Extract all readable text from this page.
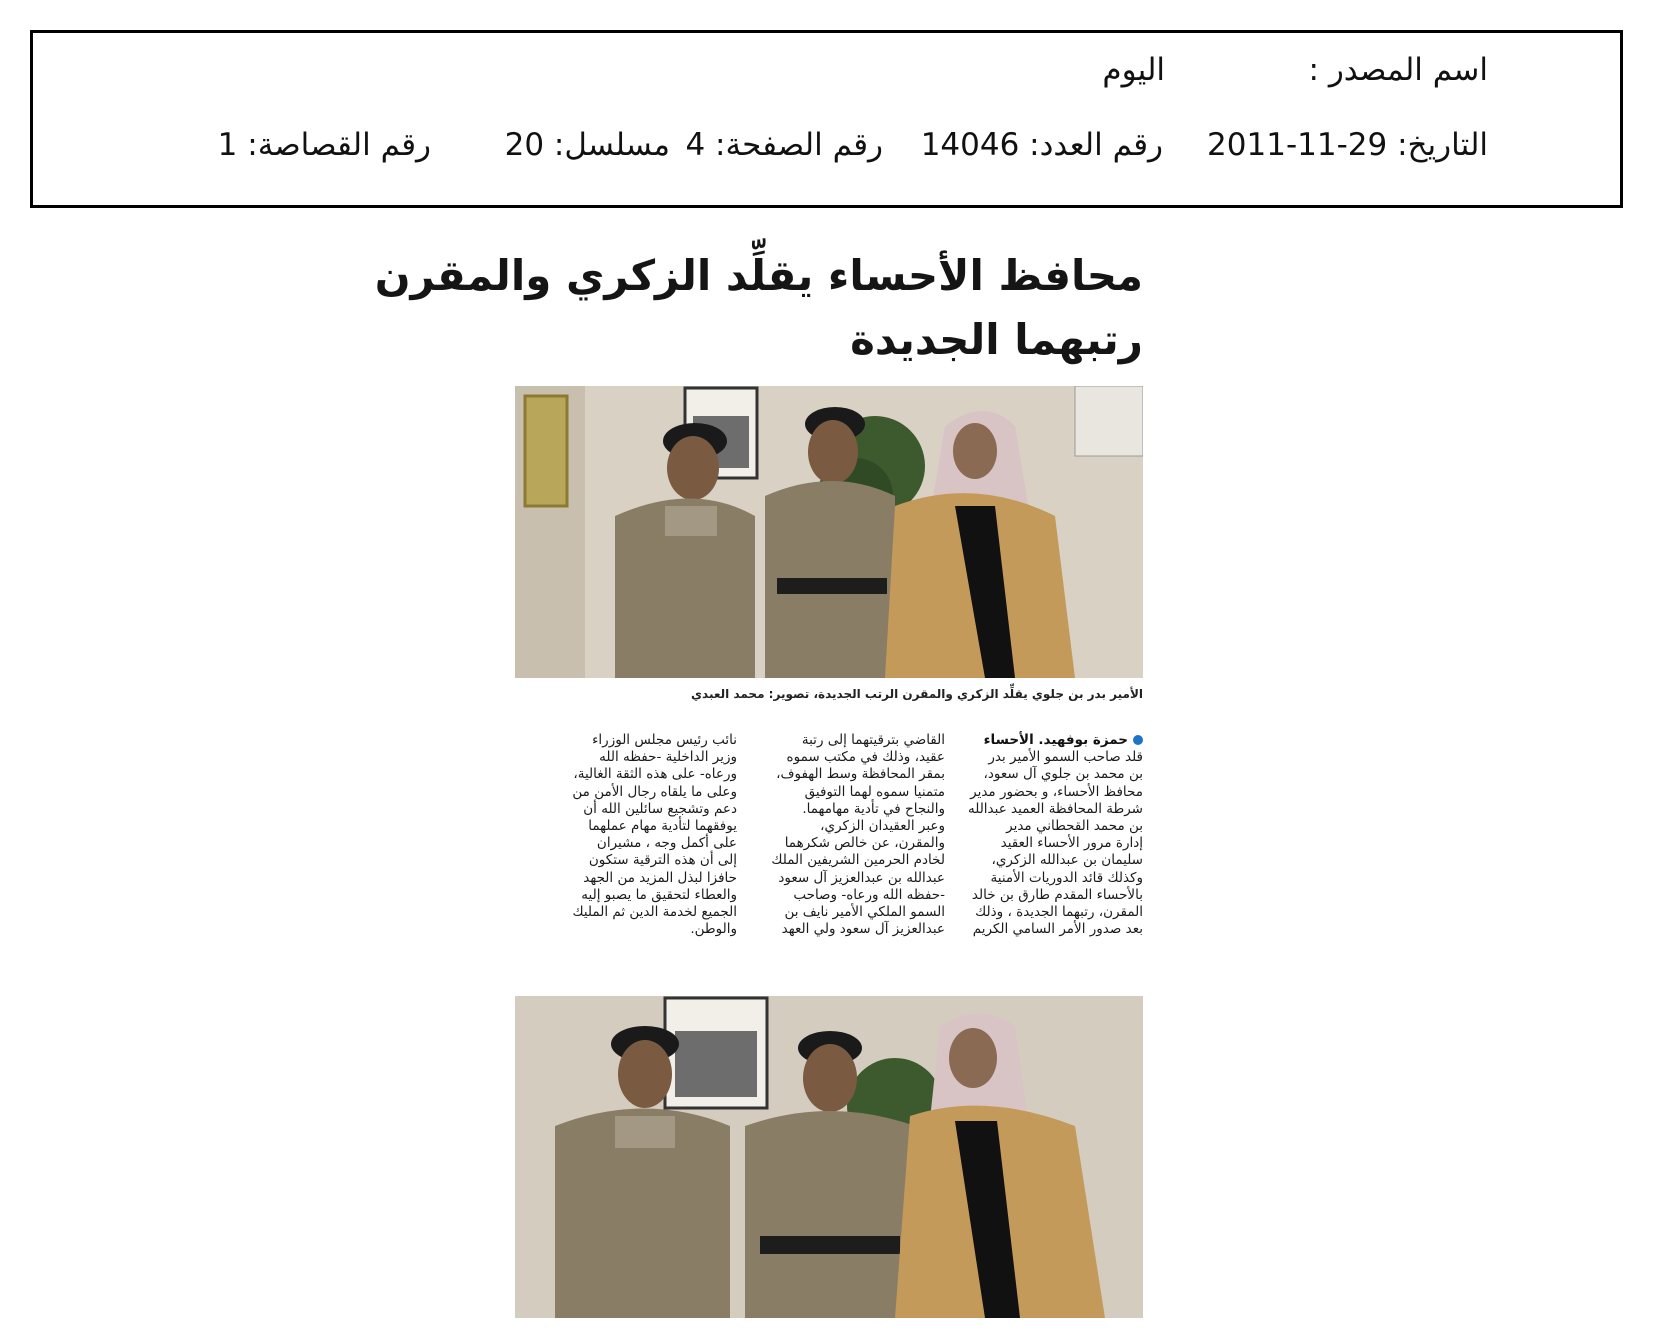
اسم المصدر :
اليوم
التاريخ: 29-11-2011
رقم العدد: 14046
رقم الصفحة: 4
مسلسل: 20
رقم القصاصة: 1
محافظ الأحساء يقلِّد الزكري والمقرن
رتبهما الجديدة
الأمير بدر بن جلوي يقلِّد الزكري والمقرن الرتب الجديدة، تصوير: محمد العبدي
حمزة بوفهيد. الأحساء
قلد صاحب السمو الأمير بدر
بن محمد بن جلوي آل سعود،
محافظ الأحساء، و بحضور مدير
شرطة المحافظة العميد عبدالله
بن محمد القحطاني مدير
إدارة مرور الأحساء العقيد
سليمان بن عبدالله الزكري،
وكذلك قائد الدوريات الأمنية
بالأحساء المقدم طارق بن خالد
المقرن، رتبهما الجديدة ، وذلك
بعد صدور الأمر السامي الكريم
القاضي بترقيتهما إلى رتبة
عقيد، وذلك في مكتب سموه
بمقر المحافظة وسط الهفوف،
متمنيا سموه لهما التوفيق
والنجاح في تأدية مهامهما.
وعبر العقيدان الزكري،
والمقرن، عن خالص شكرهما
لخادم الحرمين الشريفين الملك
عبدالله بن عبدالعزيز آل سعود
-حفظه الله ورعاه- وصاحب
السمو الملكي الأمير نايف بن
عبدالعزيز آل سعود ولي العهد
نائب رئيس مجلس الوزراء
وزير الداخلية -حفظه الله
ورعاه- على هذه الثقة الغالية،
وعلى ما يلقاه رجال الأمن من
دعم وتشجيع سائلين الله أن
يوفقهما لتأدية مهام عملهما
على أكمل وجه ، مشيران
إلى أن هذه الترقية ستكون
حافزا لبذل المزيد من الجهد
والعطاء لتحقيق ما يصبو إليه
الجميع لخدمة الدين ثم المليك
والوطن.
